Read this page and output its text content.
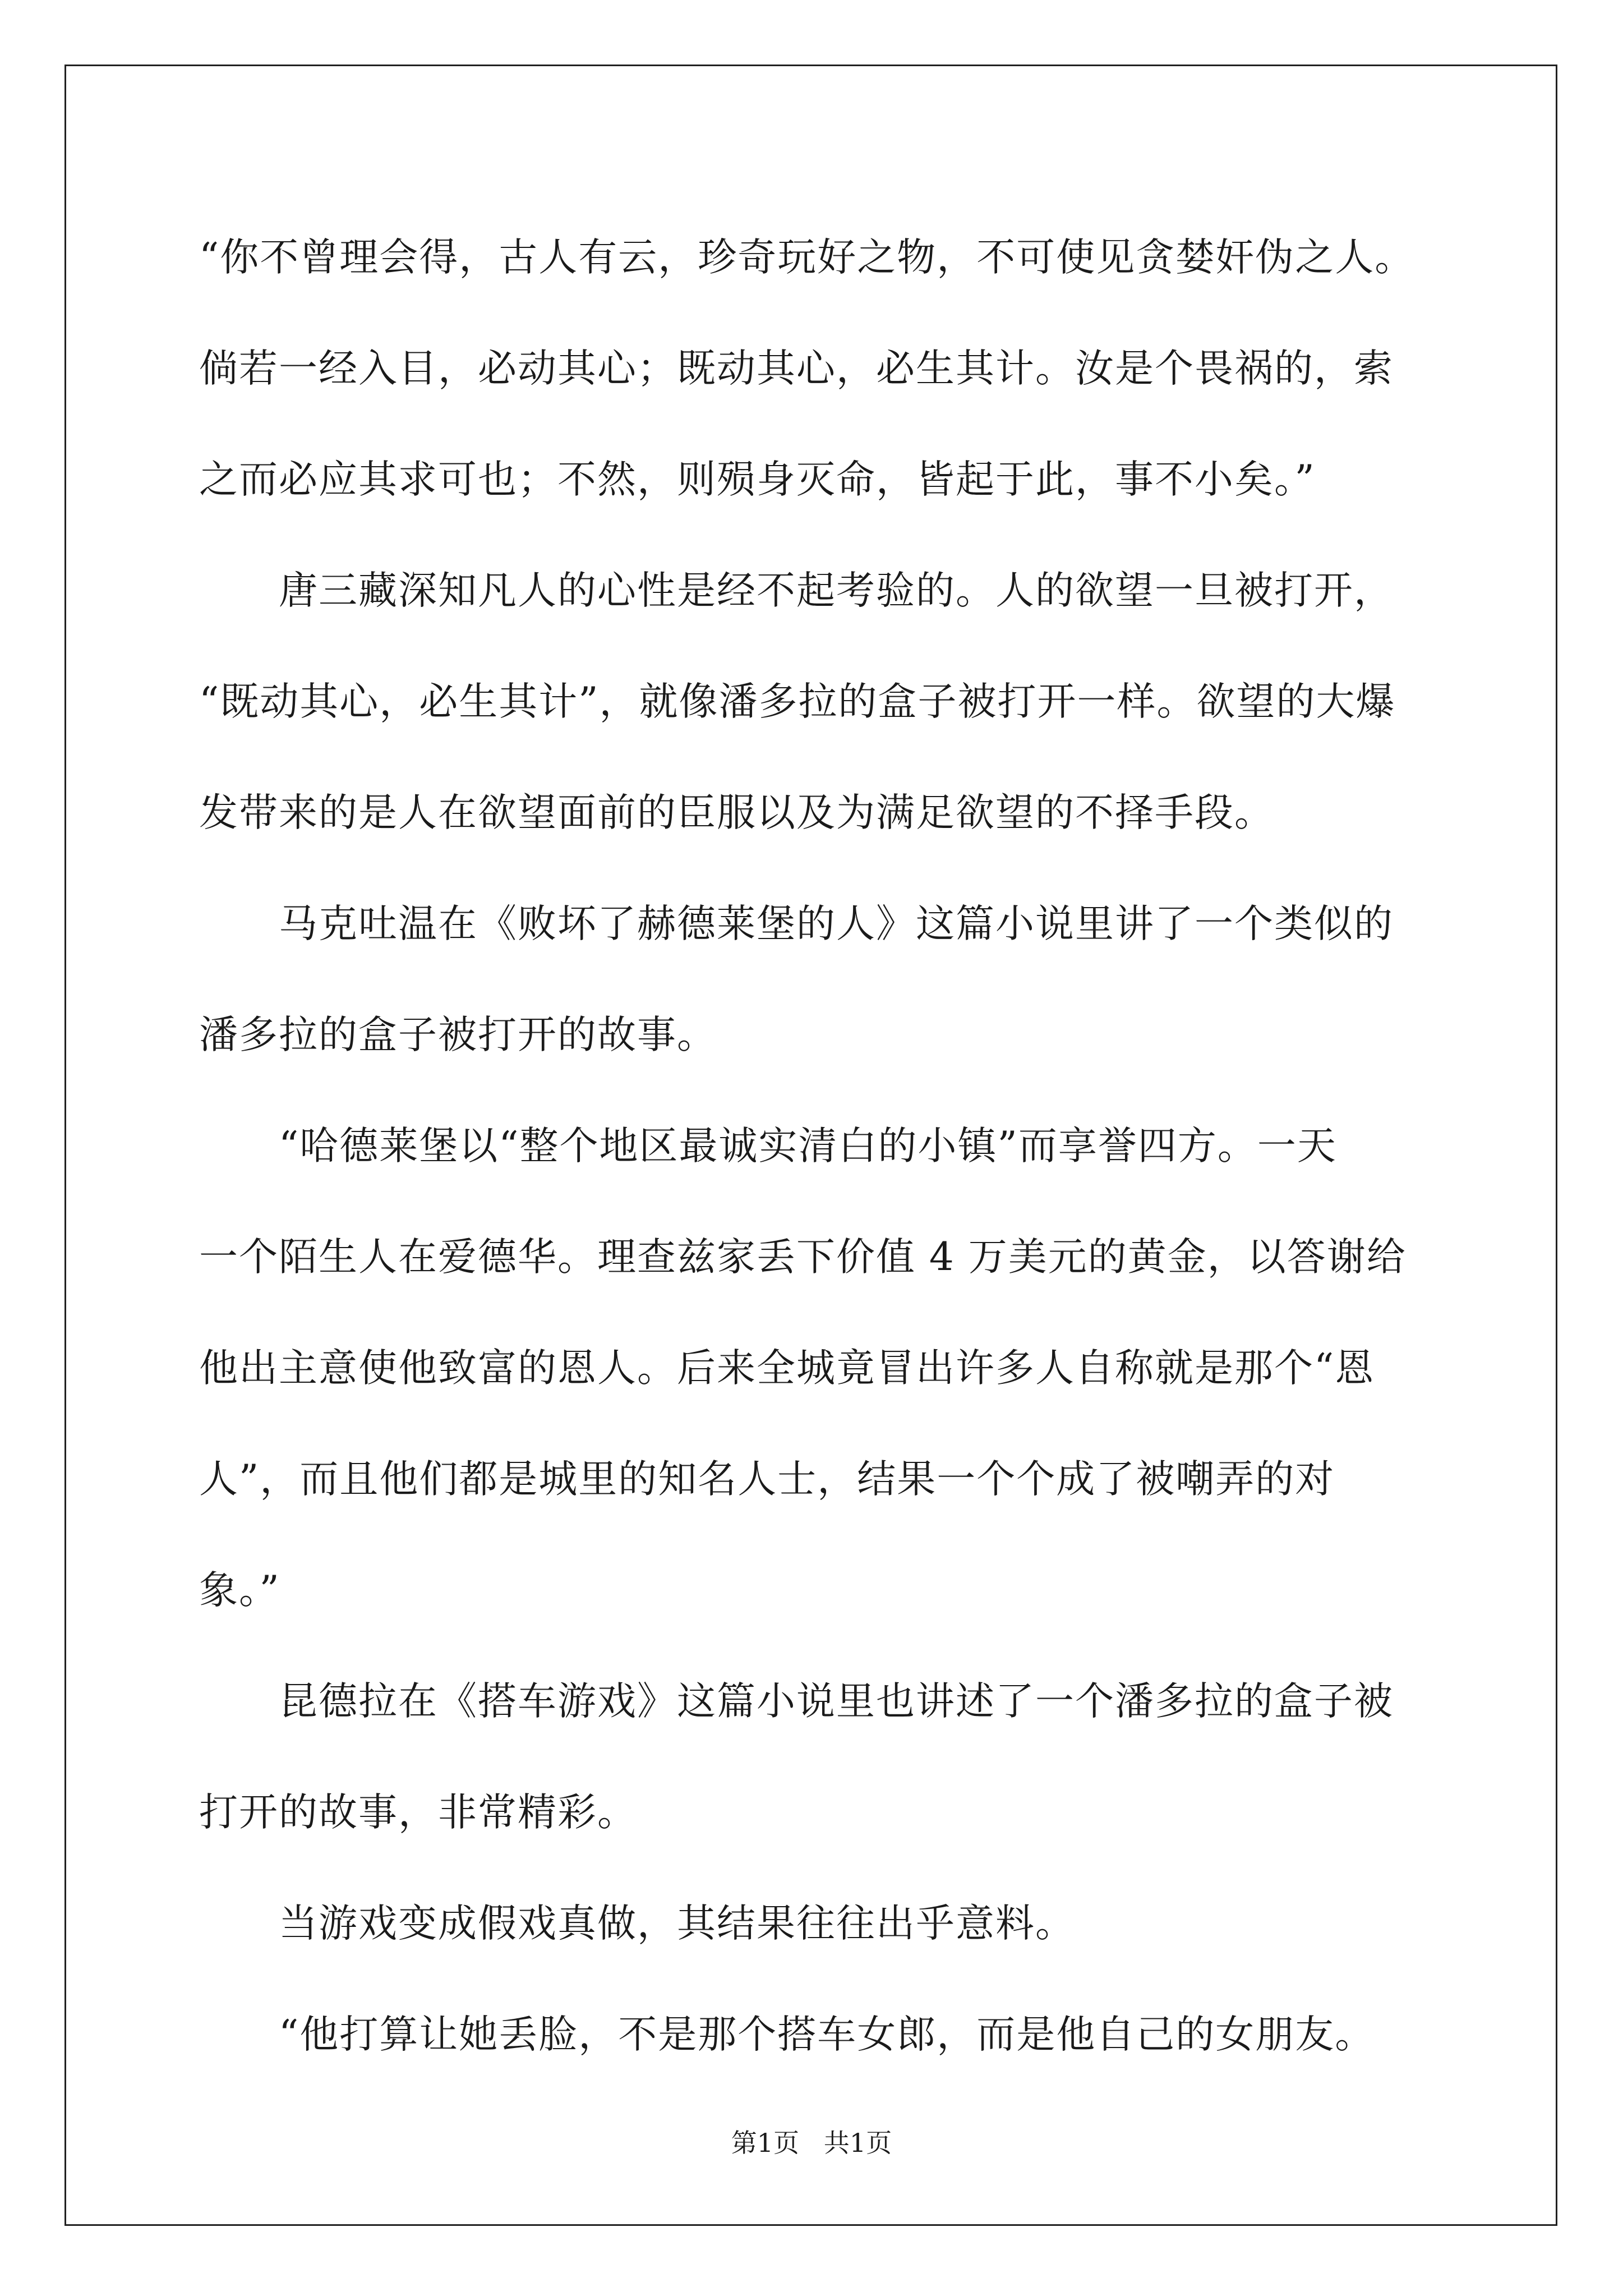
“你不曾理会得，古人有云，珍奇玩好之物，不可使见贪婪奸伪之人。
倘若一经入目，必动其心；既动其心，必生其计。汝是个畏祸的，索
之而必应其求可也；不然，则殒身灭命，皆起于此，事不小矣。”
　　唐三藏深知凡人的心性是经不起考验的。人的欲望一旦被打开，
“既动其心，必生其计”，就像潘多拉的盒子被打开一样。欲望的大爆
发带来的是人在欲望面前的臣服以及为满足欲望的不择手段。
　　马克吐温在《败坏了赫德莱堡的人》这篇小说里讲了一个类似的
潘多拉的盒子被打开的故事。
　　“哈德莱堡以“整个地区最诚实清白的小镇”而享誉四方。一天
一个陌生人在爱德华。理查兹家丢下价值 4 万美元的黄金，以答谢给
他出主意使他致富的恩人。后来全城竟冒出许多人自称就是那个“恩
人”，而且他们都是城里的知名人士，结果一个个成了被嘲弄的对
象。”
　　昆德拉在《搭车游戏》这篇小说里也讲述了一个潘多拉的盒子被
打开的故事，非常精彩。
　　当游戏变成假戏真做，其结果往往出乎意料。
　　“他打算让她丢脸，不是那个搭车女郎，而是他自己的女朋友。
第1页   共1页
